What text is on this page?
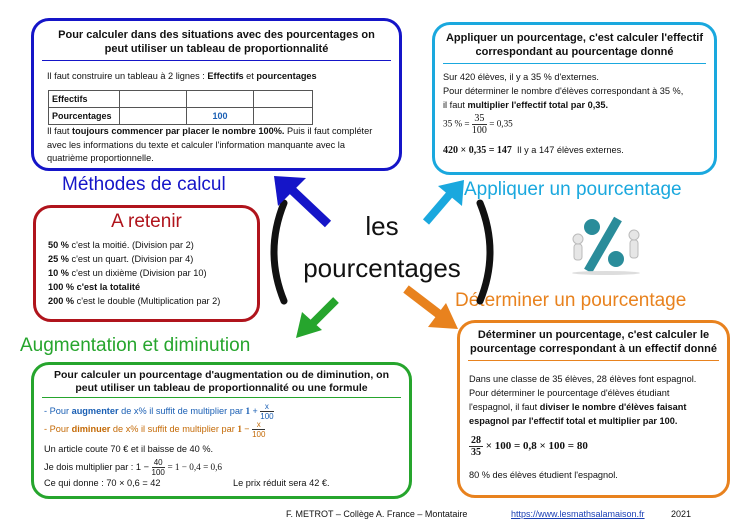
Pour calculer dans des situations avec des pourcentages on peut utiliser un tableau de proportionnalité
Il faut construire un tableau à 2 lignes : Effectifs et pourcentages
Effectifs			
Pourcentages		100	
Il faut toujours commencer par placer le nombre 100%. Puis il faut compléter avec les informations du texte et calculer l'information manquante avec la quatrième proportionnelle.
Appliquer un pourcentage, c'est calculer l'effectif correspondant au pourcentage donné
Sur 420 élèves, il y a 35 % d'externes.
Pour déterminer le nombre d'élèves correspondant à 35 %,
il faut multiplier l'effectif total par 0,35.
35 % = $\frac{35}{100} = 0,35$
420 × 0,35 = 147 Il y a 147 élèves externes.
A retenir
50 % c'est la moitié. (Division par 2)
25 % c'est un quart. (Division par 4)
10 % c'est un dixième (Division par 10)
100 % c'est la totalité
200 % c'est le double (Multiplication par 2)
Méthodes de calcul	Appliquer un pourcentage
Déterminer un pourcentage
Augmentation et diminution
les
pourcentages
Déterminer un pourcentage, c'est calculer le pourcentage correspondant à un effectif donné
Dans une classe de 35 élèves, 28 élèves font espagnol.
Pour déterminer le pourcentage d'élèves étudiant
l'espagnol, il faut diviser le nombre d'élèves faisant
espagnol par l'effectif total et multiplier par 100.
$\frac{28}{35} \times 100 = 0,8 \times 100 = 80$
80 % des élèves étudient l'espagnol.
Pour calculer un pourcentage d'augmentation ou de diminution, on peut utiliser un tableau de proportionnalité ou une formule
- Pour augmenter de x% il suffit de multiplier par $1 + \frac{x}{100}$
- Pour diminuer de x% il suffit de multiplier par $1 - \frac{x}{100}$
Un article coute 70 € et il baisse de 40 %.
Je dois multiplier par : $1 - \frac{40}{100} = 1 - 0,4 = 0,6$
Ce qui donne : 70 × 0,6 = 42	Le prix réduit sera 42 €.
F. METROT – Collège A. France – Montataire	https://www.lesmathsalamaison.fr	2021
